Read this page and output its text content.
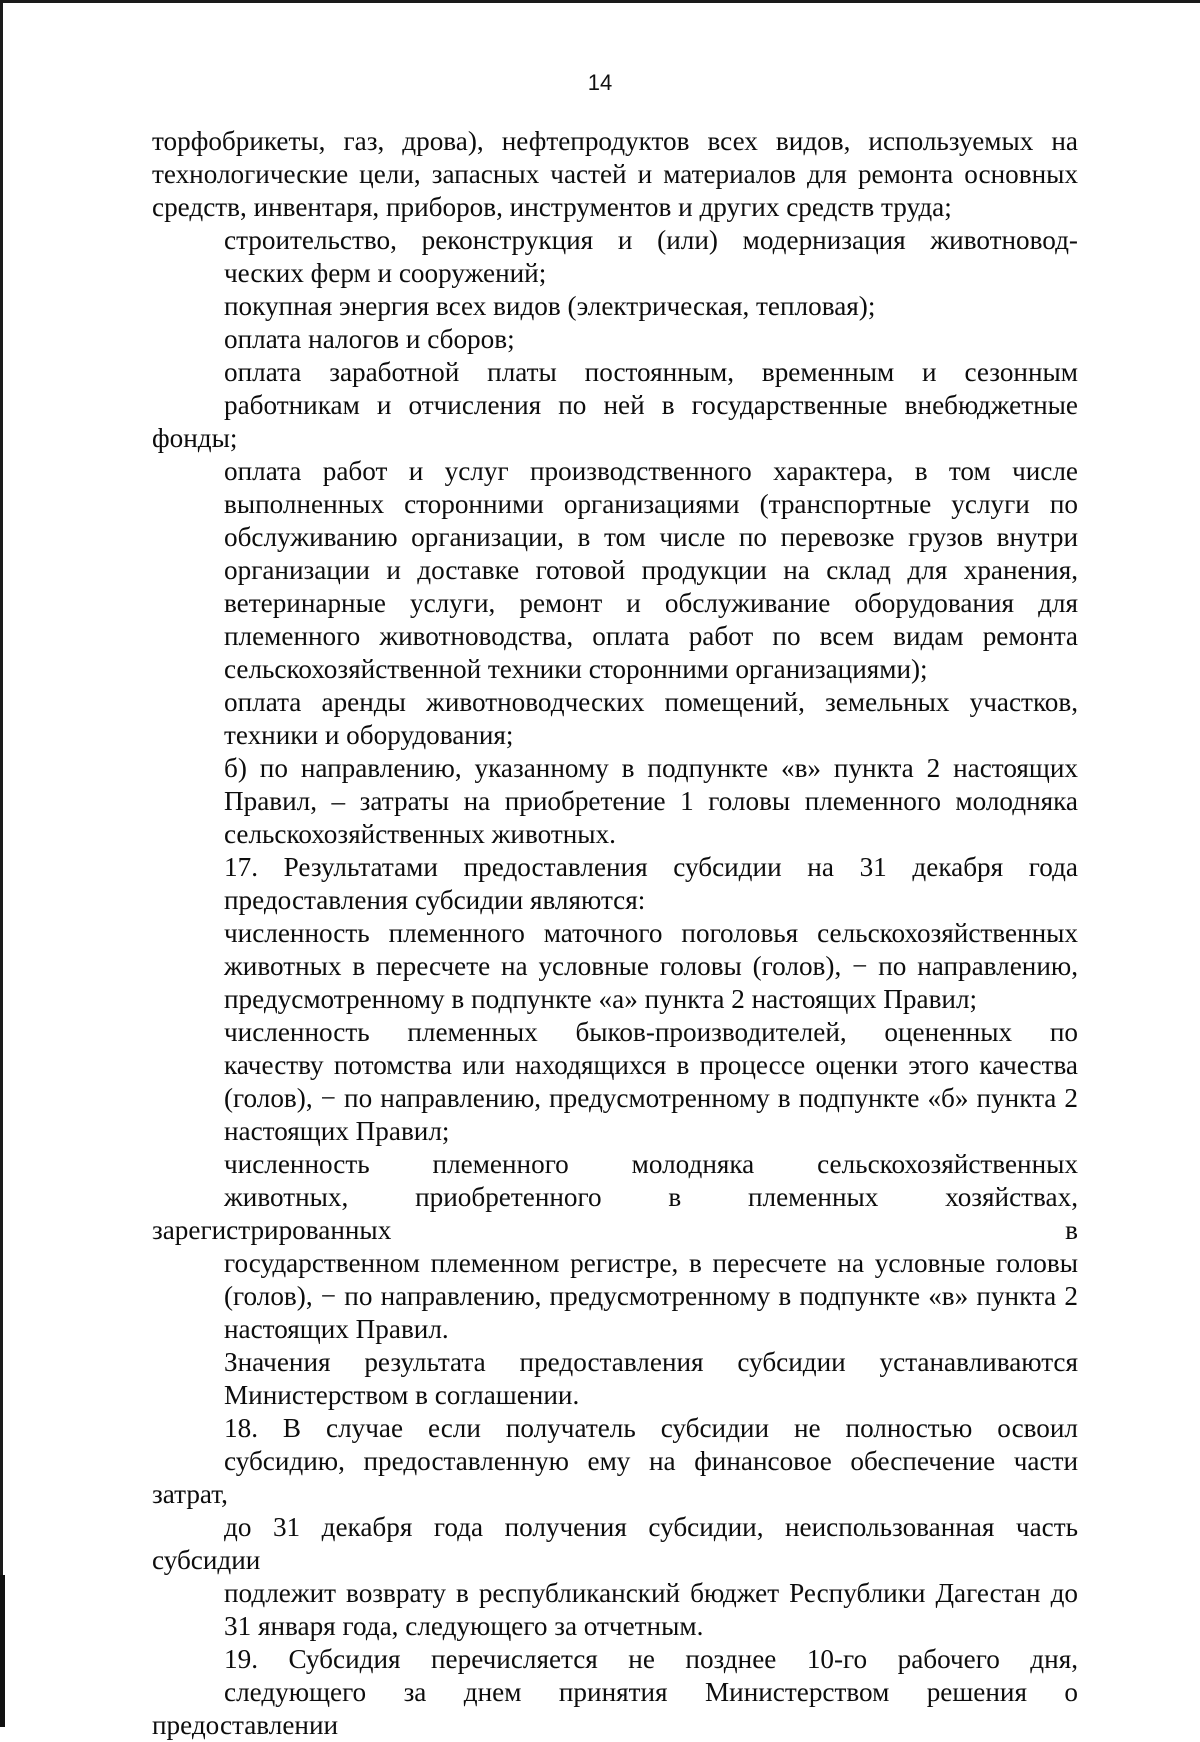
14

торфобрикеты, газ, дрова), нефтепродуктов всех видов, используемых на
технологические цели, запасных частей и материалов для ремонта основных
средств, инвентаря, приборов, инструментов и других средств труда;

строительство, реконструкция и (или) модернизация животновод-
ческих ферм и сооружений;

покупная энергия всех видов (электрическая, тепловая);

оплата налогов и сборов;

оплата заработной платы постоянным, временным и сезонным
работникам и отчисления по ней в государственные внебюджетные фонды;

оплата работ и услуг производственного характера, в том числе
выполненных сторонними организациями (транспортные услуги по
обслуживанию организации, в том числе по перевозке грузов внутри
организации и доставке готовой продукции на склад для хранения,
ветеринарные услуги, ремонт и обслуживание оборудования для
племенного животноводства, оплата работ по всем видам ремонта
сельскохозяйственной техники сторонними организациями);

оплата аренды животноводческих помещений, земельных участков,
техники и оборудования;

б) по направлению, указанному в подпункте «в» пункта 2 настоящих
Правил, – затраты на приобретение 1 головы племенного молодняка
сельскохозяйственных животных.

17. Результатами предоставления субсидии на 31 декабря года
предоставления субсидии являются:

численность племенного маточного поголовья сельскохозяйственных
животных в пересчете на условные головы (голов), − по направлению,
предусмотренному в подпункте «а» пункта 2 настоящих Правил;

численность племенных быков-производителей, оцененных по
качеству потомства или находящихся в процессе оценки этого качества
(голов), − по направлению, предусмотренному в подпункте «б» пункта 2
настоящих Правил;

численность племенного молодняка сельскохозяйственных
животных, приобретенного в племенных хозяйствах, зарегистрированных в
государственном племенном регистре, в пересчете на условные головы
(голов), − по направлению, предусмотренному в подпункте «в» пункта 2
настоящих Правил.

Значения результата предоставления субсидии устанавливаются
Министерством в соглашении.

18. В случае если получатель субсидии не полностью освоил
субсидию, предоставленную ему на финансовое обеспечение части затрат,
до 31 декабря года получения субсидии, неиспользованная часть субсидии
подлежит возврату в республиканский бюджет Республики Дагестан до
31 января года, следующего за отчетным.

19. Субсидия перечисляется не позднее 10-го рабочего дня,
следующего за днем принятия Министерством решения о предоставлении
